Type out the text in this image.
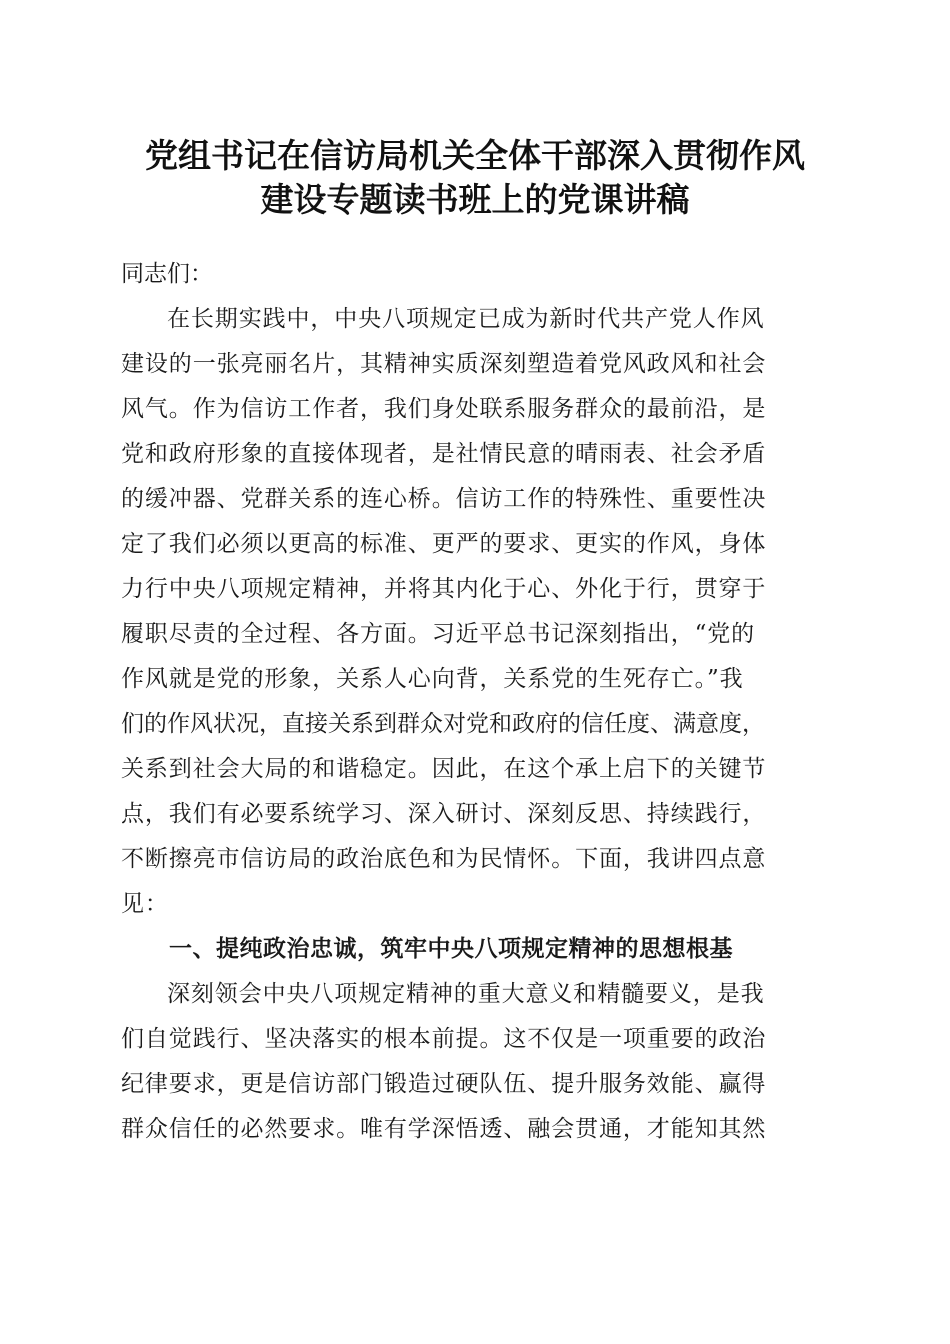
党组书记在信访局机关全体干部深入贯彻作风
建设专题读书班上的党课讲稿

同志们：

在长期实践中，中央八项规定已成为新时代共产党人作风
建设的一张亮丽名片，其精神实质深刻塑造着党风政风和社会
风气。作为信访工作者，我们身处联系服务群众的最前沿，是
党和政府形象的直接体现者，是社情民意的晴雨表、社会矛盾
的缓冲器、党群关系的连心桥。信访工作的特殊性、重要性决
定了我们必须以更高的标准、更严的要求、更实的作风，身体
力行中央八项规定精神，并将其内化于心、外化于行，贯穿于
履职尽责的全过程、各方面。习近平总书记深刻指出，“党的
作风就是党的形象，关系人心向背，关系党的生死存亡。”我
们的作风状况，直接关系到群众对党和政府的信任度、满意度，
关系到社会大局的和谐稳定。因此，在这个承上启下的关键节
点，我们有必要系统学习、深入研讨、深刻反思、持续践行，
不断擦亮市信访局的政治底色和为民情怀。下面，我讲四点意
见：

一、提纯政治忠诚，筑牢中央八项规定精神的思想根基

深刻领会中央八项规定精神的重大意义和精髓要义，是我
们自觉践行、坚决落实的根本前提。这不仅是一项重要的政治
纪律要求，更是信访部门锻造过硬队伍、提升服务效能、赢得
群众信任的必然要求。唯有学深悟透、融会贯通，才能知其然
